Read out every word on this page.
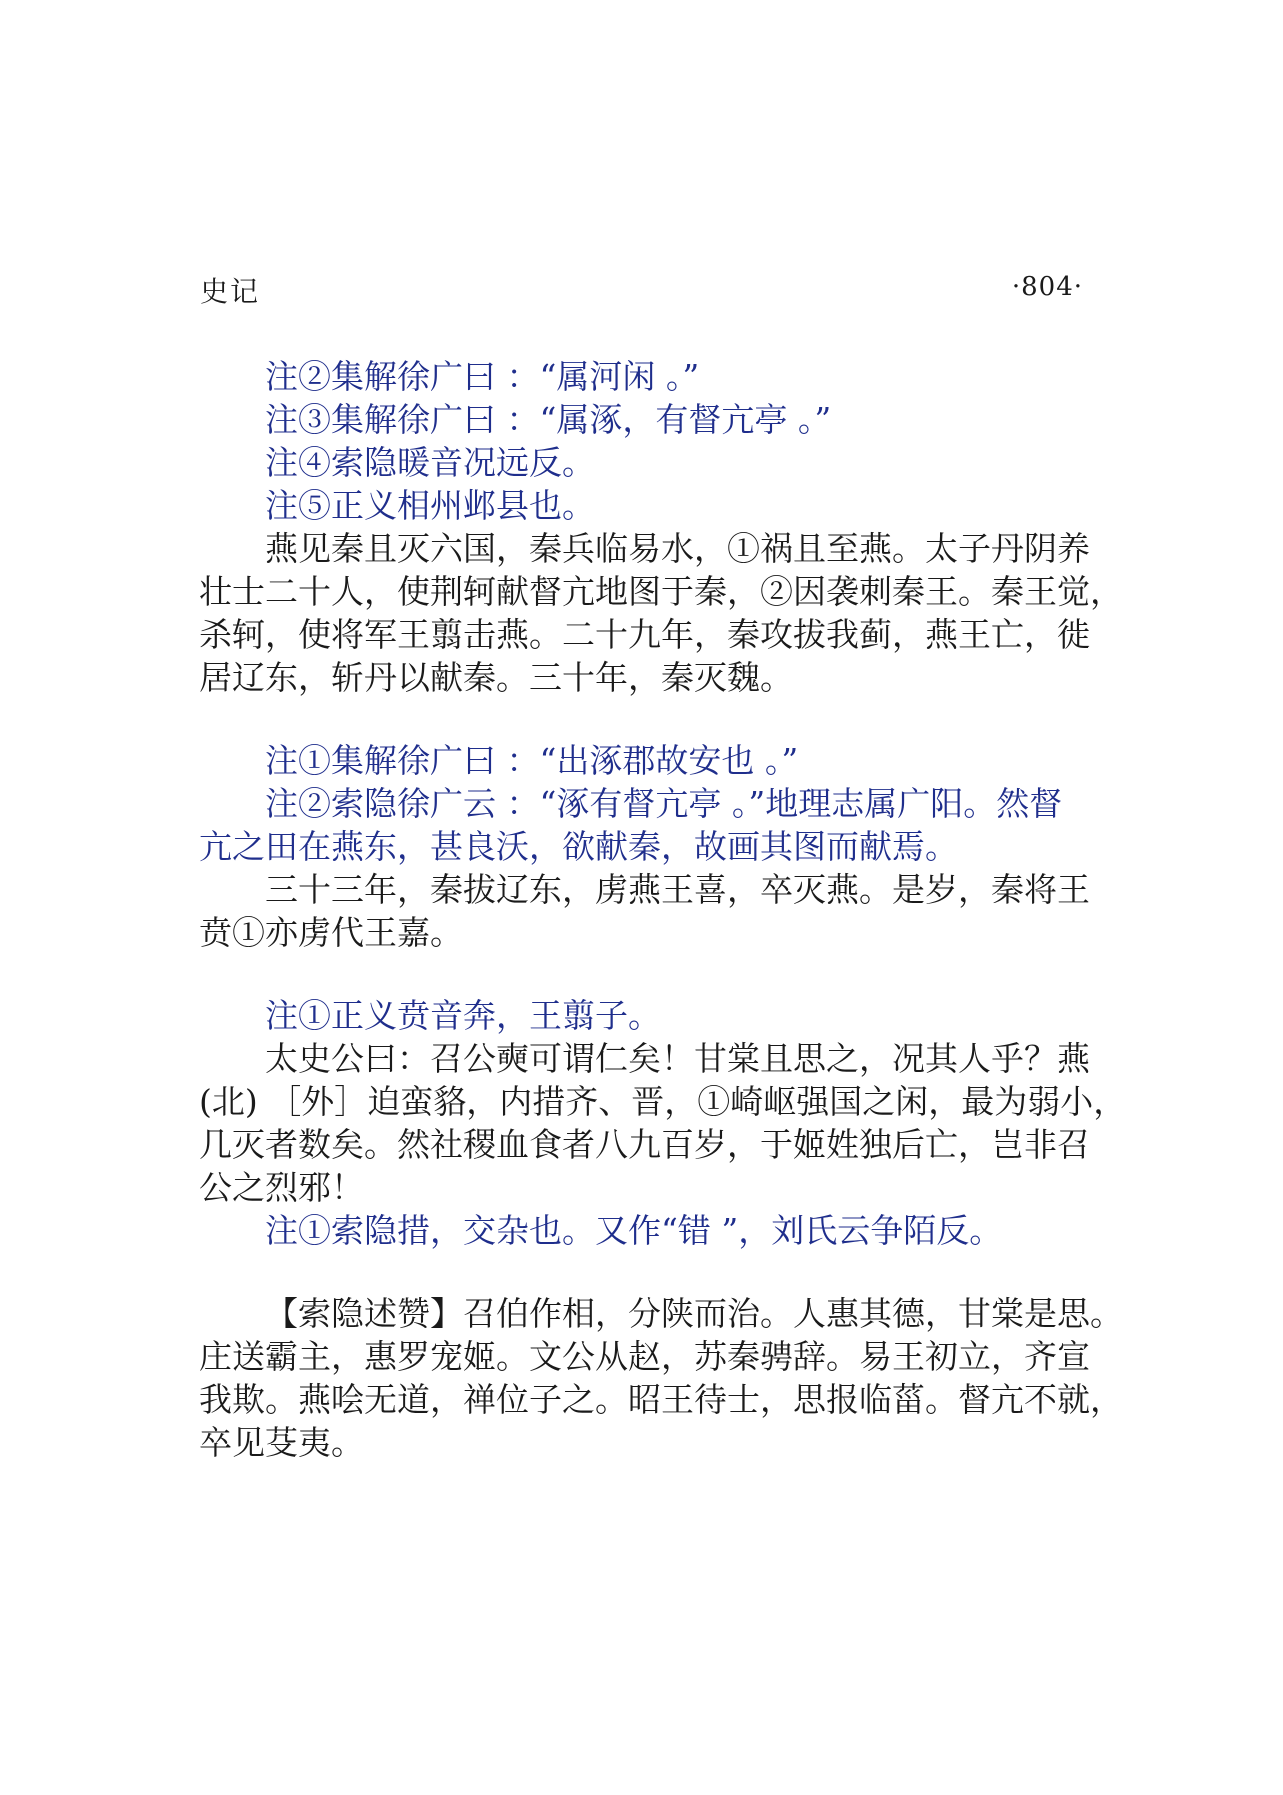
史记	·804·
注②集解徐广曰 ：“属河闲 。”
注③集解徐广曰 ：“属涿，有督亢亭 。”
注④索隐暖音况远反。
注⑤正义相州邺县也。
燕见秦且灭六国，秦兵临易水，①祸且至燕。太子丹阴养
壮士二十人，使荆轲献督亢地图于秦，②因袭刺秦王。秦王觉，
杀轲，使将军王翦击燕。二十九年，秦攻拔我蓟，燕王亡，徙
居辽东，斩丹以献秦。三十年，秦灭魏。
注①集解徐广曰 ：“出涿郡故安也 。”
注②索隐徐广云 ：“涿有督亢亭 。”地理志属广阳。然督
亢之田在燕东，甚良沃，欲献秦，故画其图而献焉。
三十三年，秦拔辽东，虏燕王喜，卒灭燕。是岁，秦将王
贲①亦虏代王嘉。
注①正义贲音奔，王翦子。
太史公曰：召公奭可谓仁矣！甘棠且思之，况其人乎？燕
(北) ［外］迫蛮貉，内措齐、晋，①崎岖强国之闲，最为弱小，
几灭者数矣。然社稷血食者八九百岁，于姬姓独后亡，岂非召
公之烈邪！
注①索隐措，交杂也。又作“错 ”，刘氏云争陌反。
【索隐述赞】召伯作相，分陕而治。人惠其德，甘棠是思。
庄送霸主，惠罗宠姬。文公从赵，苏秦骋辞。易王初立，齐宣
我欺。燕哙无道，禅位子之。昭王待士，思报临菑。督亢不就，
卒见芟夷。
